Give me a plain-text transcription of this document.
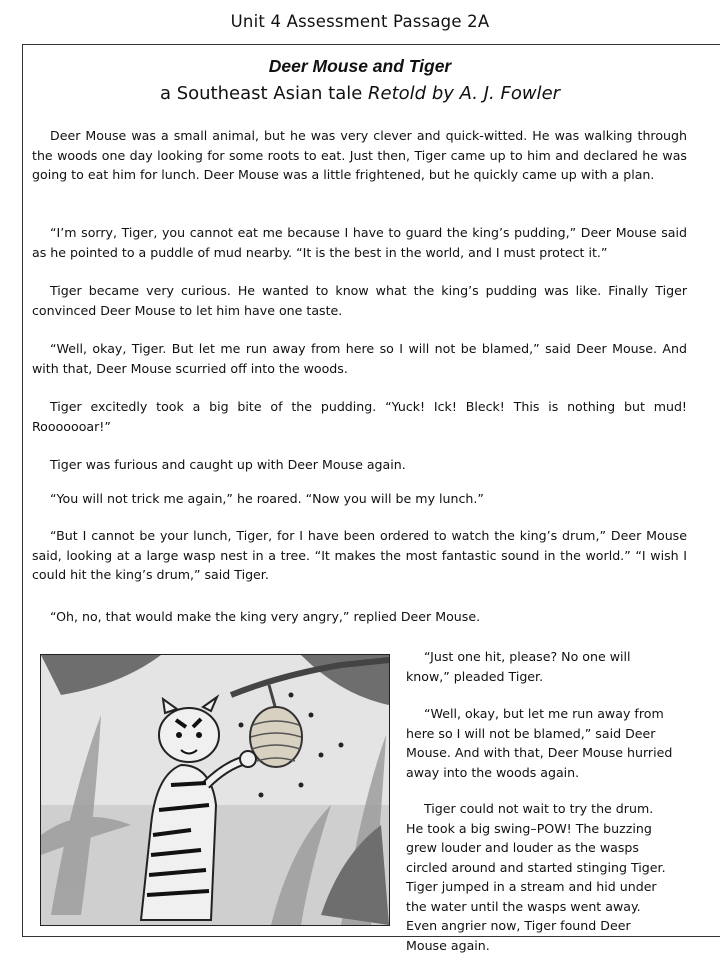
Unit 4 Assessment Passage 2A
Deer Mouse and Tiger
a Southeast Asian tale Retold by A. J. Fowler

Deer Mouse was a small animal, but he was very clever and quick-witted. He was walking through the woods one day looking for some roots to eat. Just then, Tiger came up to him and declared he was going to eat him for lunch. Deer Mouse was a little frightened, but he quickly came up with a plan.

“I’m sorry, Tiger, you cannot eat me because I have to guard the king’s pudding,” Deer Mouse said as he pointed to a puddle of mud nearby. “It is the best in the world, and I must protect it.”

Tiger became very curious. He wanted to know what the king’s pudding was like. Finally Tiger convinced Deer Mouse to let him have one taste.

“Well, okay, Tiger. But let me run away from here so I will not be blamed,” said Deer Mouse. And with that, Deer Mouse scurried off into the woods.

Tiger excitedly took a big bite of the pudding. “Yuck! Ick! Bleck! This is nothing but mud! Rooooooar!”

Tiger was furious and caught up with Deer Mouse again.

“You will not trick me again,” he roared. “Now you will be my lunch.”

“But I cannot be your lunch, Tiger, for I have been ordered to watch the king’s drum,” Deer Mouse said, looking at a large wasp nest in a tree. “It makes the most fantastic sound in the world.” “I wish I could hit the king’s drum,” said Tiger.

“Oh, no, that would make the king very angry,” replied Deer Mouse.

“Just one hit, please? No one will know,” pleaded Tiger.

“Well, okay, but let me run away from here so I will not be blamed,” said Deer Mouse. And with that, Deer Mouse hurried away into the woods again.

Tiger could not wait to try the drum. He took a big swing–POW! The buzzing grew louder and louder as the wasps circled around and started stinging Tiger. Tiger jumped in a stream and hid under the water until the wasps went away. Even angrier now, Tiger found Deer Mouse again.
